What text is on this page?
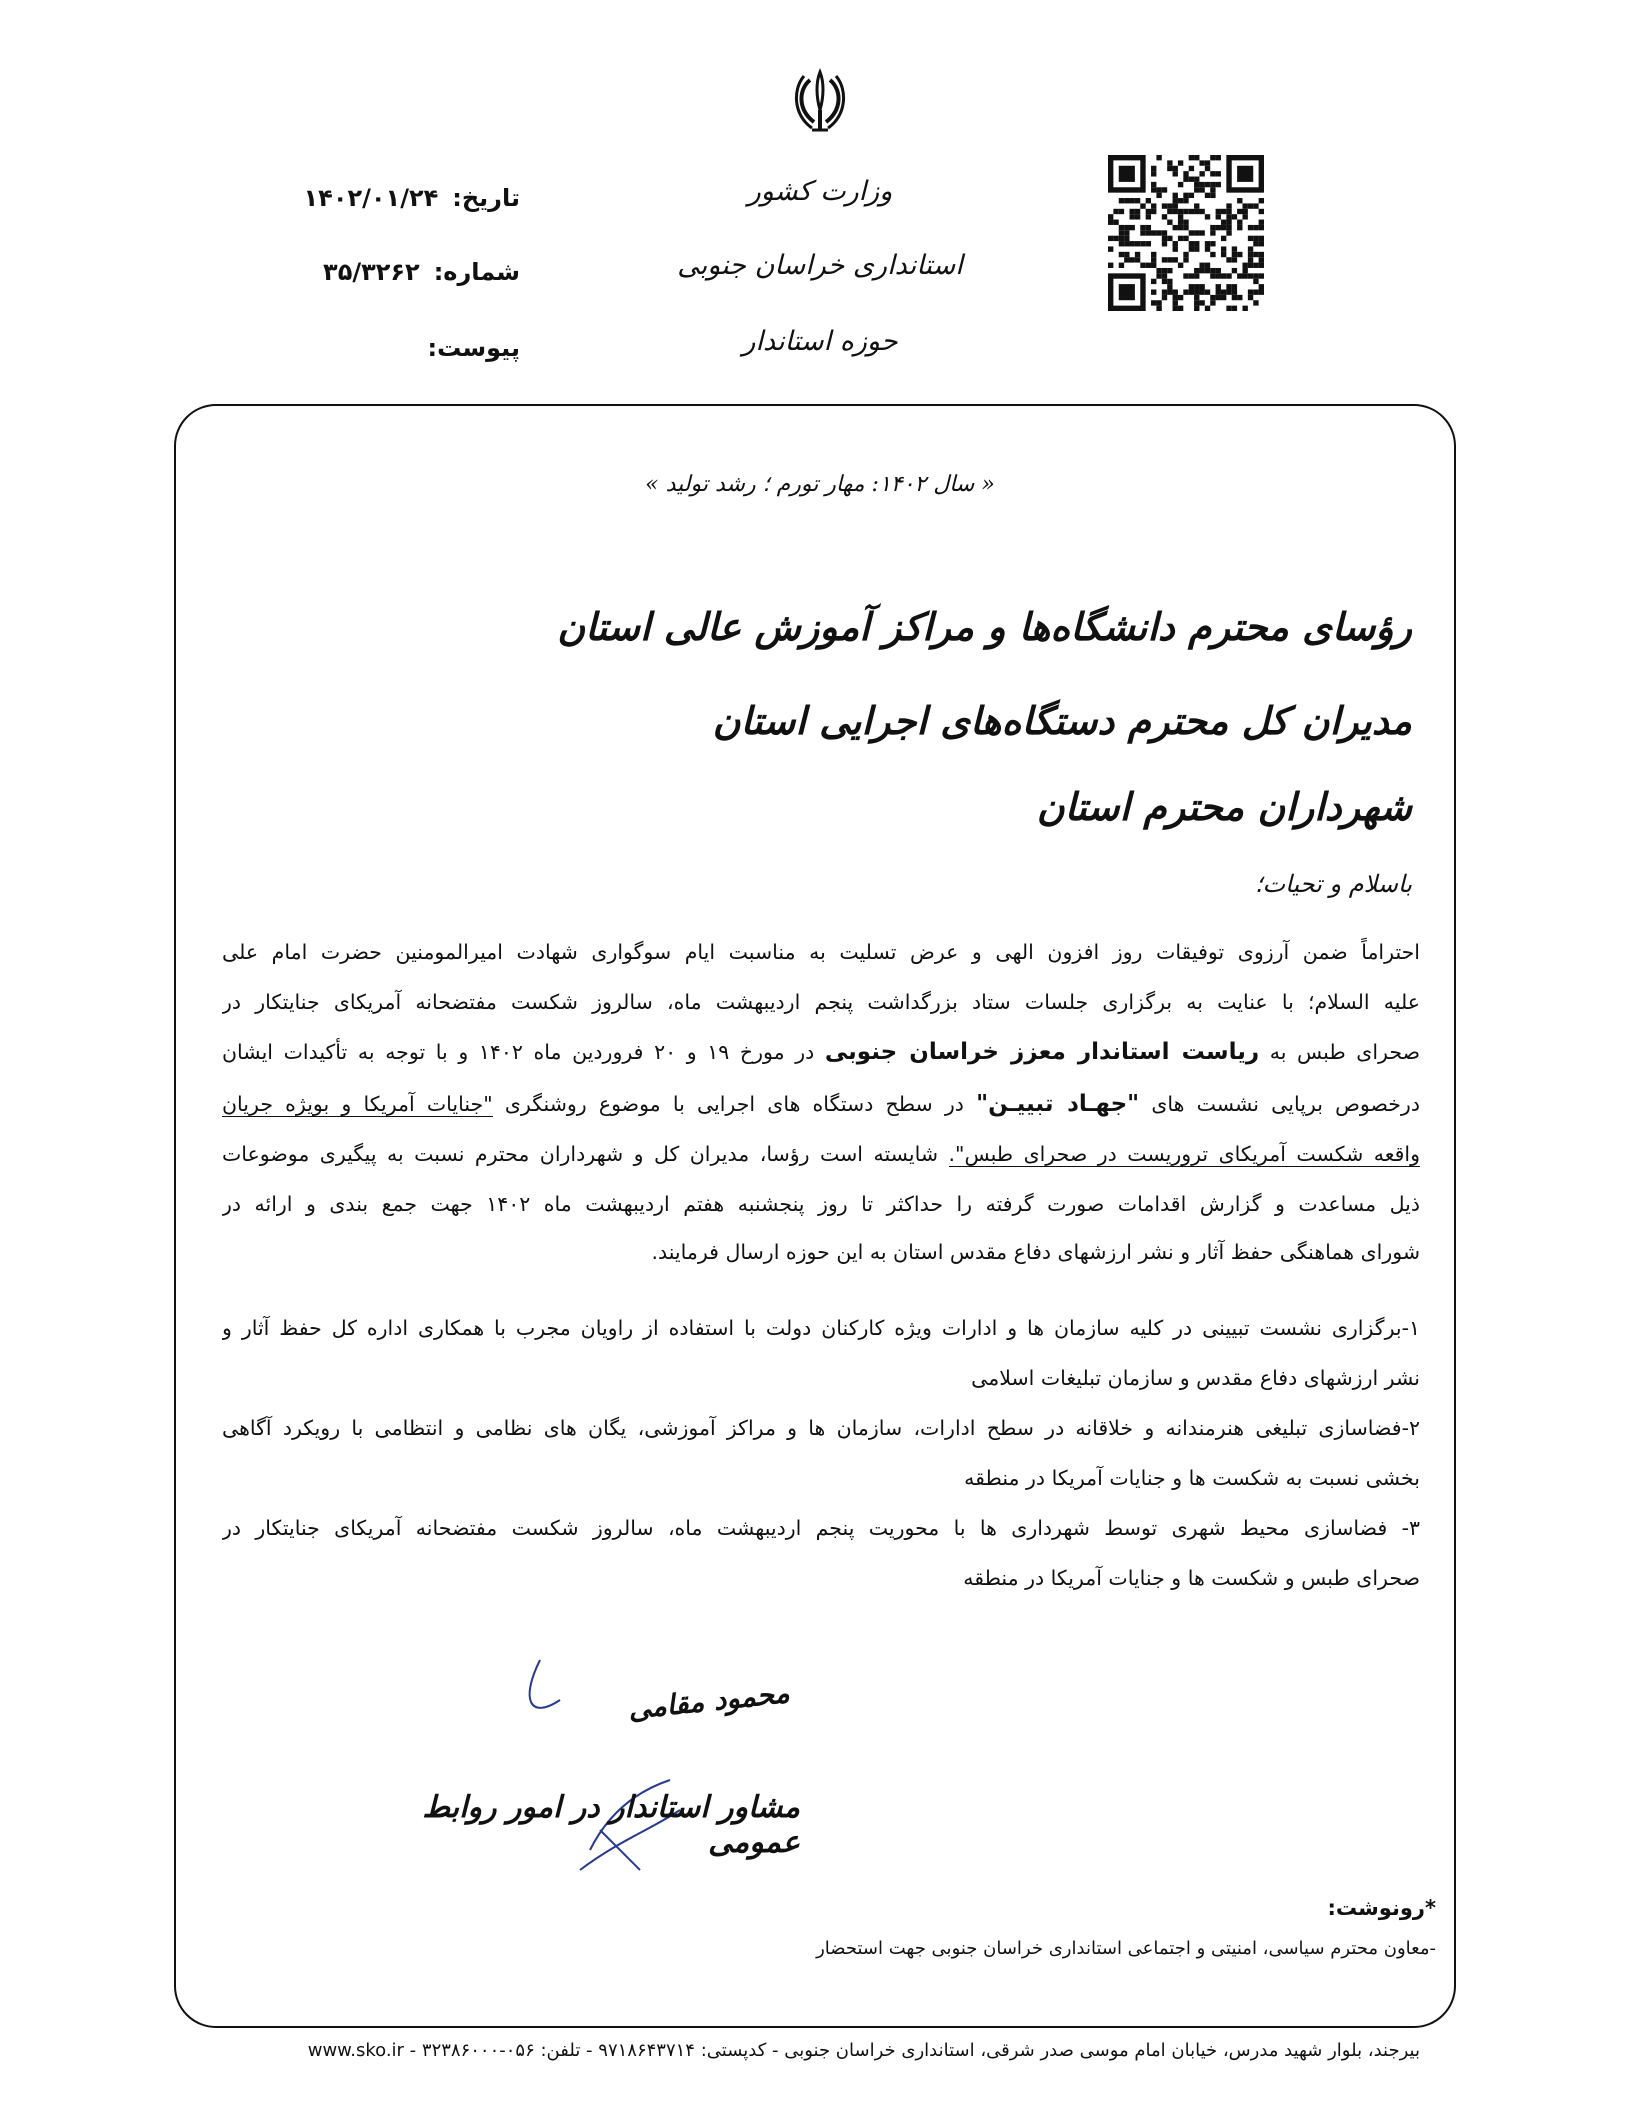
وزارت کشور
استانداری خراسان جنوبی
حوزه استاندار
تاریخ:۱۴۰۲/۰۱/۲۴
شماره:۳۵/۳۲۶۲
پیوست:
« سال ۱۴۰۲: مهار تورم ؛ رشد تولید »
رؤسای محترم دانشگاه‌ها و مراکز آموزش عالی استان
مدیران کل محترم دستگاه‌های اجرایی استان
شهرداران محترم استان
باسلام و تحیات؛
احتراماً ضمن آرزوی توفیقات روز افزون الهی و عرض تسلیت به مناسبت ایام سوگواری شهادت امیرالمومنین حضرت امام علی
علیه السلام؛ با عنایت به برگزاری جلسات ستاد بزرگداشت پنجم اردیبهشت ماه، سالروز شکست مفتضحانه آمریکای جنایتکار در
صحرای طبس به ریاست استاندار معزز خراسان جنوبی در مورخ ۱۹ و ۲۰ فروردین ماه ۱۴۰۲ و با توجه به تأکیدات ایشان
درخصوص برپایی نشست های "جهـاد تبییـن" در سطح دستگاه های اجرایی با موضوع روشنگری "جنایات آمریکا و بویژه جریان
واقعه شکست آمریکای تروریست در صحرای طبس". شایسته است رؤسا، مدیران کل و شهرداران محترم نسبت به پیگیری موضوعات
ذیل مساعدت و گزارش اقدامات صورت گرفته را حداکثر تا روز پنجشنبه هفتم اردیبهشت ماه ۱۴۰۲ جهت جمع بندی و ارائه در
شورای هماهنگی حفظ آثار و نشر ارزشهای دفاع مقدس استان به این حوزه ارسال فرمایند.
۱-برگزاری نشست تبیینی در کلیه سازمان ها و ادارات ویژه کارکنان دولت با استفاده از راویان مجرب با همکاری اداره کل حفظ آثار و
نشر ارزشهای دفاع مقدس و سازمان تبلیغات اسلامی
۲-فضاسازی تبلیغی هنرمندانه و خلاقانه در سطح ادارات، سازمان ها و مراکز آموزشی، یگان های نظامی و انتظامی با رویکرد آگاهی
بخشی نسبت به شکست ها و جنایات آمریکا در منطقه
۳- فضاسازی محیط شهری توسط شهرداری ها با محوریت پنجم اردیبهشت ماه، سالروز شکست مفتضحانه آمریکای جنایتکار در
صحرای طبس و شکست ها و جنایات آمریکا در منطقه
محمود مقامی
مشاور استاندار در امور روابط عمومی
*رونوشت:
-معاون محترم سیاسی، امنیتی و اجتماعی استانداری خراسان جنوبی جهت استحضار
بیرجند، بلوار شهید مدرس، خیابان امام موسی صدر شرقی، استانداری خراسان جنوبی - کدپستی: ۹۷۱۸۶۴۳۷۱۴ - تلفن: ۰۵۶-۳۲۳۸۶۰۰۰ - www.sko.ir
